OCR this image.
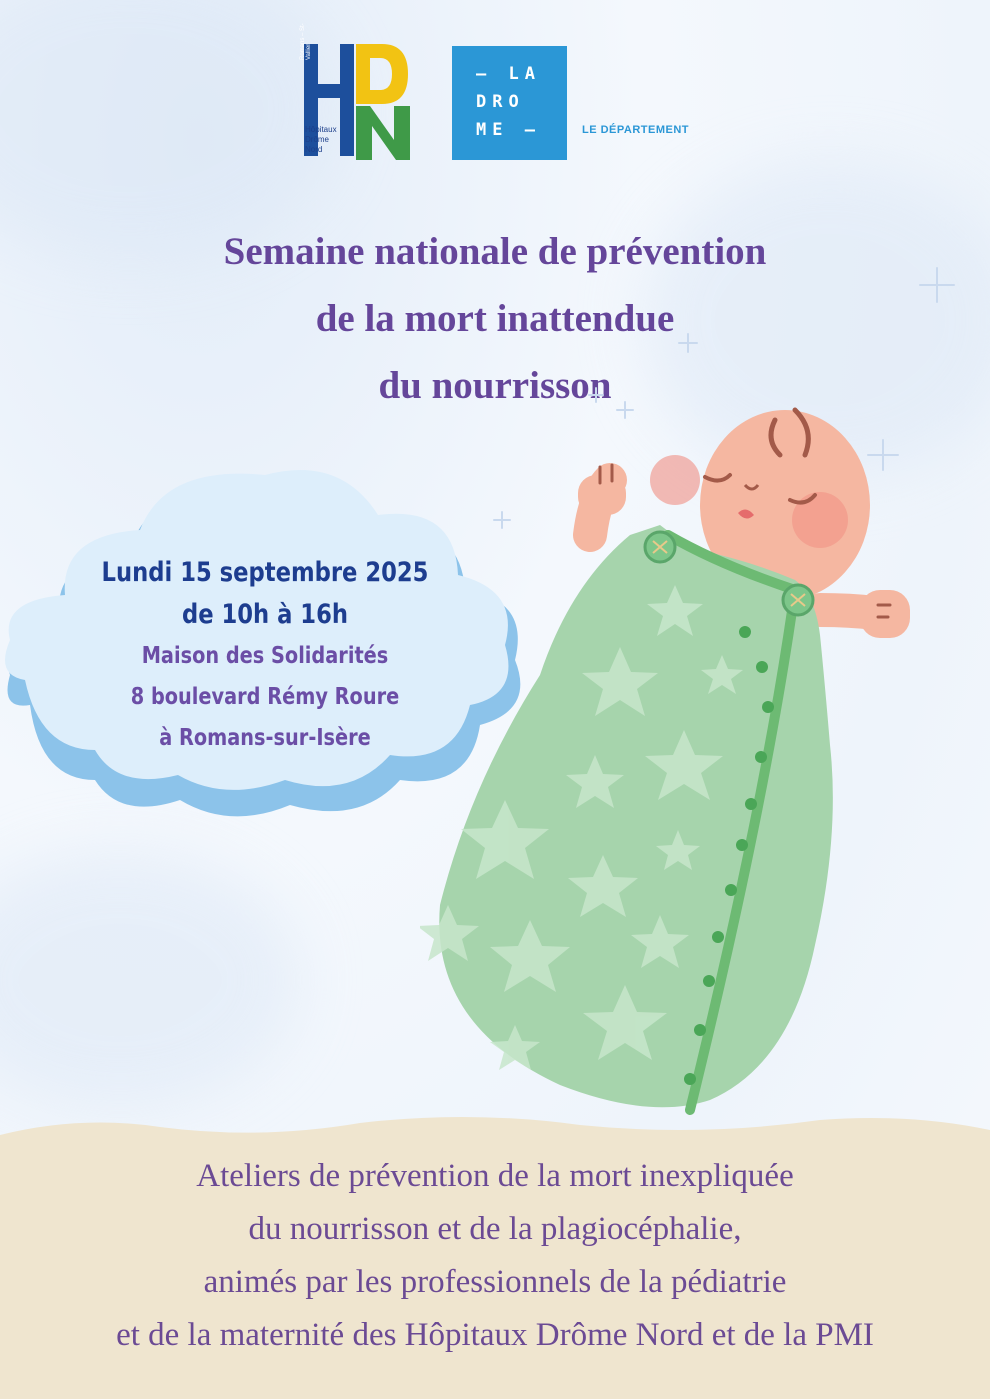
Romans – St-Vallier
Hôpitaux
Drôme
Nord
– LA
DRO
ME –	LE DÉPARTEMENT
Semaine nationale de prévention
de la mort inattendue
du nourrisson
Lundi 15 septembre 2025
de 10h à 16h
Maison des Solidarités
8 boulevard Rémy Roure
à Romans-sur-Isère
Ateliers de prévention de la mort inexpliquée
du nourrisson et de la plagiocéphalie,
animés par les professionnels de la pédiatrie
et de la maternité des Hôpitaux Drôme Nord et de la PMI
